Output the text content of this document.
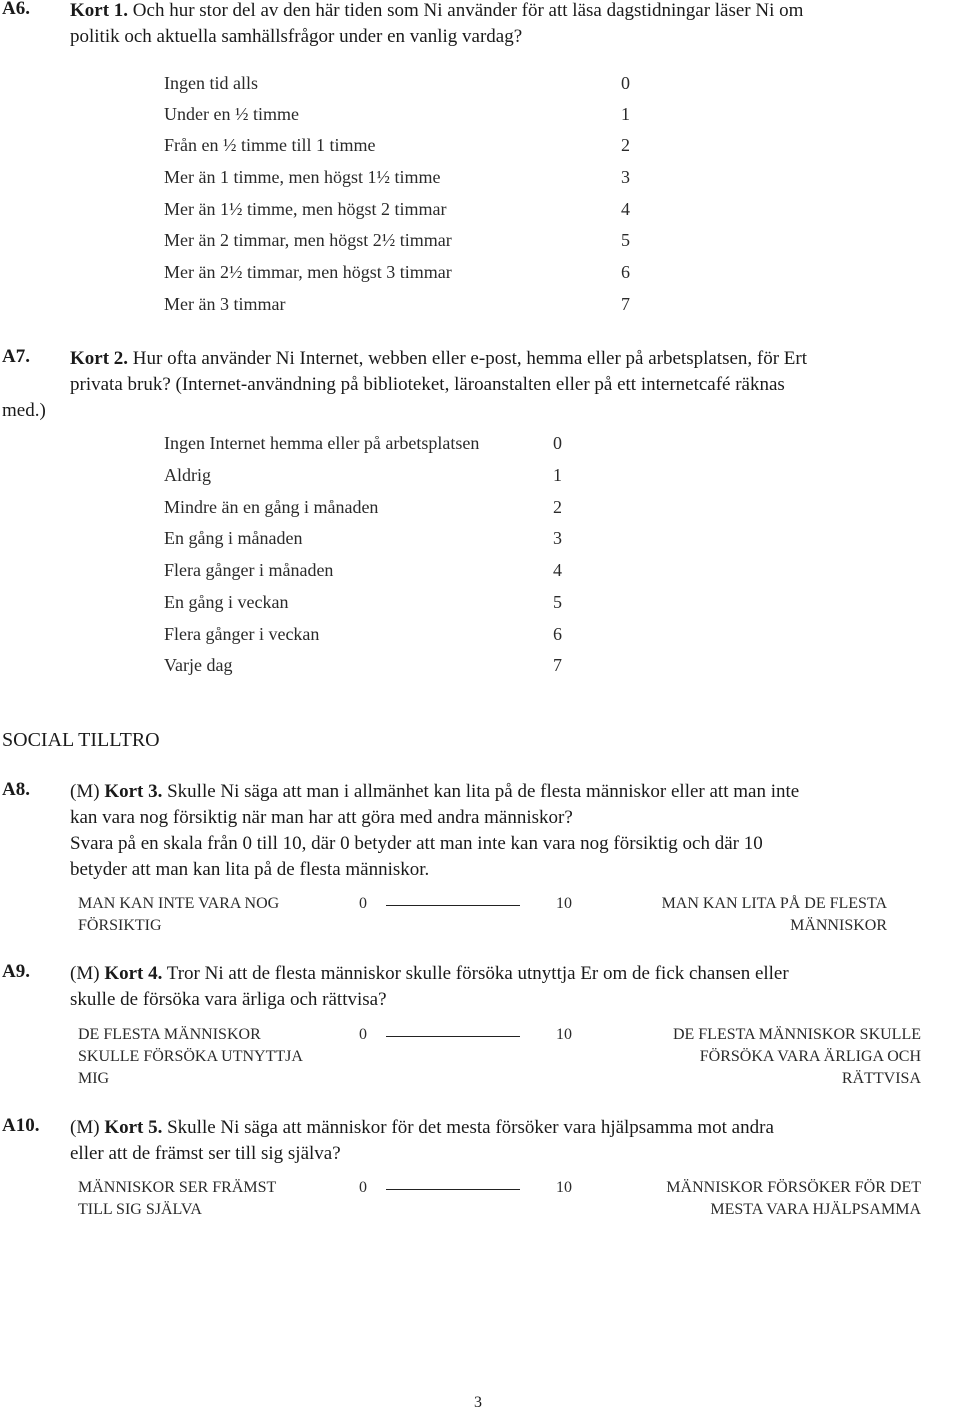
A6. Kort 1. Och hur stor del av den här tiden som Ni använder för att läsa dagstidningar läser Ni om
politik och aktuella samhällsfrågor under en vanlig vardag?
Ingen tid alls	0
Under en ½ timme	1
Från en ½ timme till 1 timme	2
Mer än 1 timme, men högst 1½ timme	3
Mer än 1½ timme, men högst 2 timmar	4
Mer än 2 timmar, men högst 2½ timmar	5
Mer än 2½ timmar, men högst 3 timmar	6
Mer än 3 timmar	7
A7. Kort 2. Hur ofta använder Ni Internet, webben eller e-post, hemma eller på arbetsplatsen, för Ert
privata bruk? (Internet-användning på biblioteket, läroanstalten eller på ett internetcafé räknas
med.)
Ingen Internet hemma eller på arbetsplatsen	0
Aldrig	1
Mindre än en gång i månaden	2
En gång i månaden	3
Flera gånger i månaden	4
En gång i veckan	5
Flera gånger i veckan	6
Varje dag	7
SOCIAL TILLTRO
A8. (M) Kort 3. Skulle Ni säga att man i allmänhet kan lita på de flesta människor eller att man inte
kan vara nog försiktig när man har att göra med andra människor?
Svara på en skala från 0 till 10, där 0 betyder att man inte kan vara nog försiktig och där 10
betyder att man kan lita på de flesta människor.
MAN KAN INTE VARA NOG
FÖRSIKTIG
0	10	MAN KAN LITA PÅ DE FLESTA
MÄNNISKOR
A9. (M) Kort 4. Tror Ni att de flesta människor skulle försöka utnyttja Er om de fick chansen eller
skulle de försöka vara ärliga och rättvisa?
DE FLESTA MÄNNISKOR
SKULLE FÖRSÖKA UTNYTTJA
MIG
0	10	DE FLESTA MÄNNISKOR SKULLE
FÖRSÖKA VARA ÄRLIGA OCH
RÄTTVISA
A10. (M) Kort 5. Skulle Ni säga att människor för det mesta försöker vara hjälpsamma mot andra
eller att de främst ser till sig själva?
MÄNNISKOR SER FRÄMST
TILL SIG SJÄLVA
0	10	MÄNNISKOR FÖRSÖKER FÖR DET
MESTA VARA HJÄLPSAMMA
3
